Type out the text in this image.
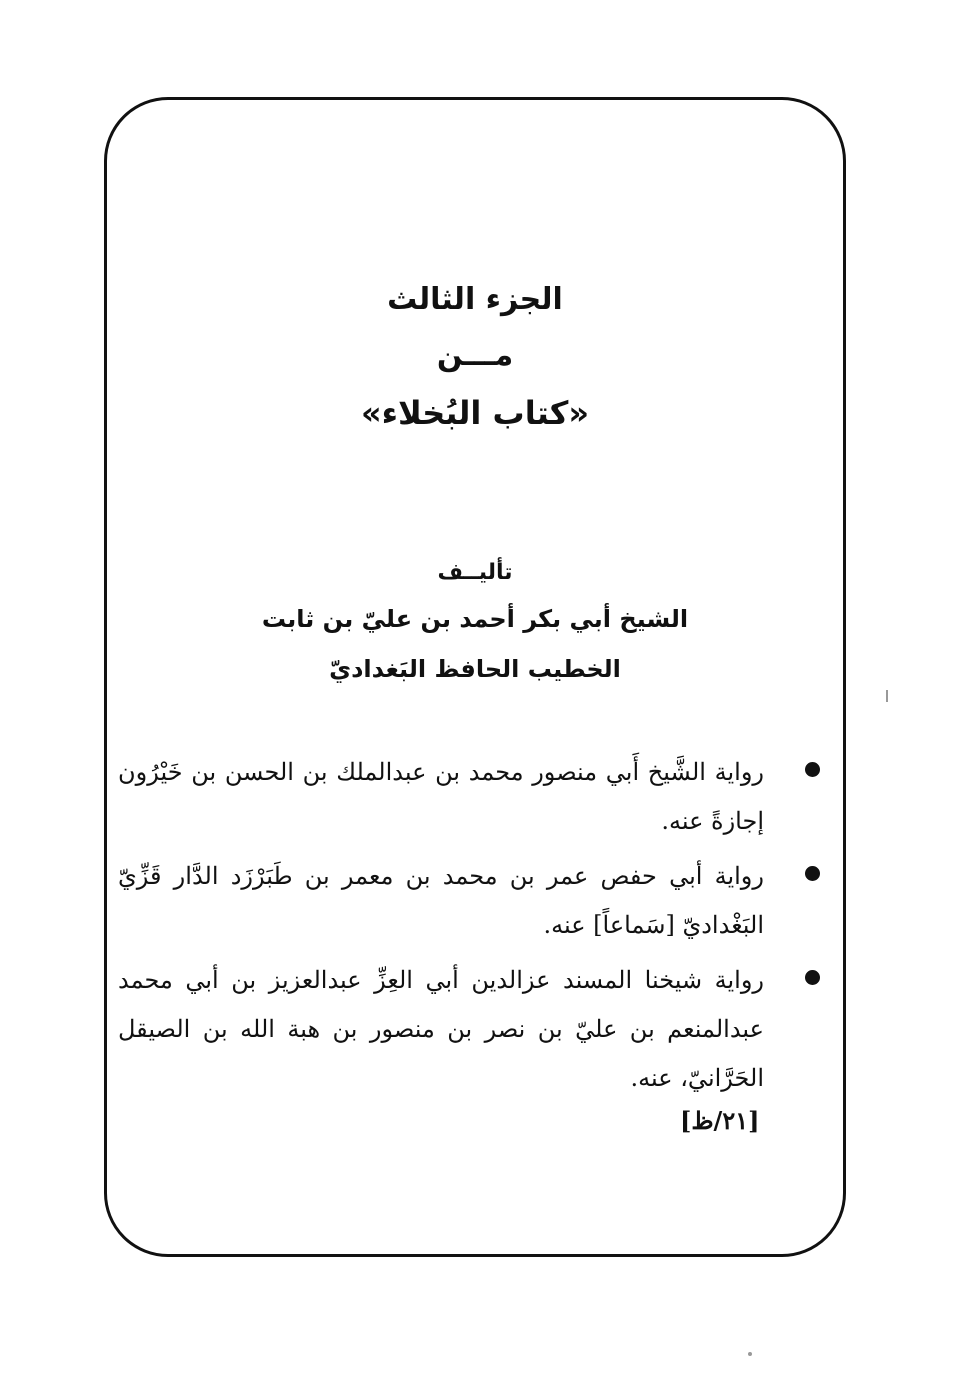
الجزء الثالث
مـــن
«كتاب البُخلاء»
تأليــف
الشيخ أبي بكر أحمد بن عليّ بن ثابت
الخطيب الحافظ البَغداديّ
رواية الشَّيخ أَبي منصور محمد بن عبدالملك بن الحسن بن خَيْرُون إجازةً عنه.
رواية أبي حفص عمر بن محمد بن معمر بن طَبَرْزَد الدَّار قَزِّيّ البَغْداديّ [سَماعاً] عنه.
رواية شيخنا المسند عزالدين أبي العِزِّ عبدالعزيز بن أبي محمد عبدالمنعم بن عليّ بن نصر بن منصور بن هبة الله بن الصيقل الحَرَّانيّ، عنه.
[٢١/ظ]
